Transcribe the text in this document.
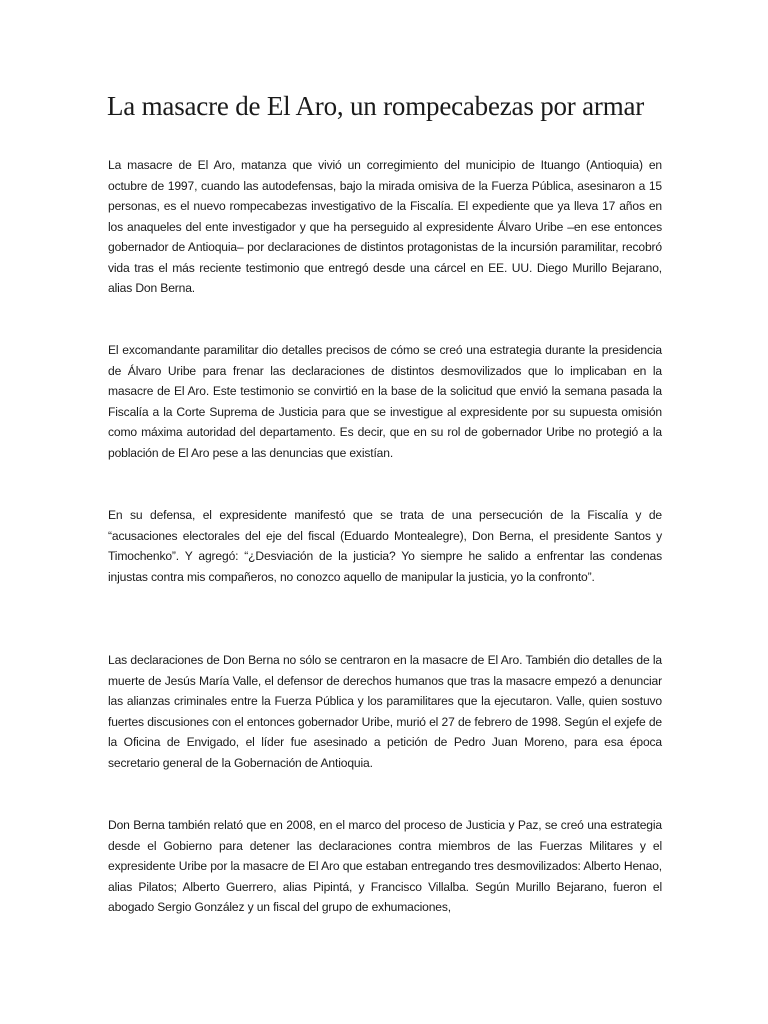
La masacre de El Aro, un rompecabezas por armar

La masacre de El Aro, matanza que vivió un corregimiento del municipio de Ituango (Antioquia) en octubre de 1997, cuando las autodefensas, bajo la mirada omisiva de la Fuerza Pública, asesinaron a 15 personas, es el nuevo rompecabezas investigativo de la Fiscalía. El expediente que ya lleva 17 años en los anaqueles del ente investigador y que ha perseguido al expresidente Álvaro Uribe –en ese entonces gobernador de Antioquia– por declaraciones de distintos protagonistas de la incursión paramilitar, recobró vida tras el más reciente testimonio que entregó desde una cárcel en EE. UU. Diego Murillo Bejarano, alias Don Berna.

El excomandante paramilitar dio detalles precisos de cómo se creó una estrategia durante la presidencia de Álvaro Uribe para frenar las declaraciones de distintos desmovilizados que lo implicaban en la masacre de El Aro. Este testimonio se convirtió en la base de la solicitud que envió la semana pasada la Fiscalía a la Corte Suprema de Justicia para que se investigue al expresidente por su supuesta omisión como máxima autoridad del departamento. Es decir, que en su rol de gobernador Uribe no protegió a la población de El Aro pese a las denuncias que existían.

En su defensa, el expresidente manifestó que se trata de una persecución de la Fiscalía y de “acusaciones electorales del eje del fiscal (Eduardo Montealegre), Don Berna, el presidente Santos y Timochenko”. Y agregó: “¿Desviación de la justicia? Yo siempre he salido a enfrentar las condenas injustas contra mis compañeros, no conozco aquello de manipular la justicia, yo la confronto”.

Las declaraciones de Don Berna no sólo se centraron en la masacre de El Aro. También dio detalles de la muerte de Jesús María Valle, el defensor de derechos humanos que tras la masacre empezó a denunciar las alianzas criminales entre la Fuerza Pública y los paramilitares que la ejecutaron. Valle, quien sostuvo fuertes discusiones con el entonces gobernador Uribe, murió el 27 de febrero de 1998. Según el exjefe de la Oficina de Envigado, el líder fue asesinado a petición de Pedro Juan Moreno, para esa época secretario general de la Gobernación de Antioquia.

Don Berna también relató que en 2008, en el marco del proceso de Justicia y Paz, se creó una estrategia desde el Gobierno para detener las declaraciones contra miembros de las Fuerzas Militares y el expresidente Uribe por la masacre de El Aro que estaban entregando tres desmovilizados: Alberto Henao, alias Pilatos; Alberto Guerrero, alias Pipintá, y Francisco Villalba. Según Murillo Bejarano, fueron el abogado Sergio González y un fiscal del grupo de exhumaciones,
